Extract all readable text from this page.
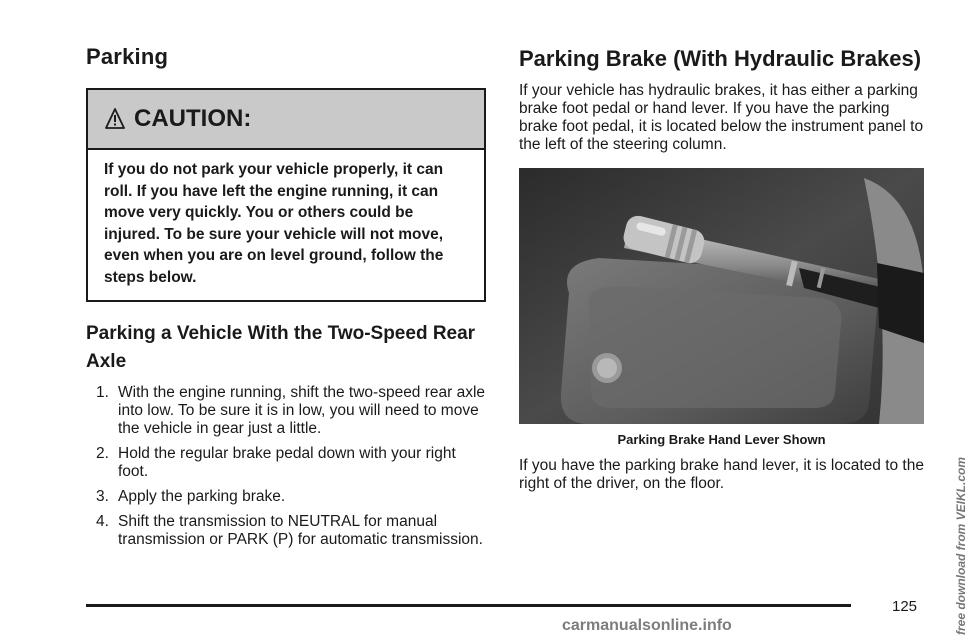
Parking
CAUTION:
If you do not park your vehicle properly, it can roll. If you have left the engine running, it can move very quickly. You or others could be injured. To be sure your vehicle will not move, even when you are on level ground, follow the steps below.
Parking a Vehicle With the Two-Speed Rear Axle
1. With the engine running, shift the two-speed rear axle into low. To be sure it is in low, you will need to move the vehicle in gear just a little.
2. Hold the regular brake pedal down with your right foot.
3. Apply the parking brake.
4. Shift the transmission to NEUTRAL for manual transmission or PARK (P) for automatic transmission.
Parking Brake (With Hydraulic Brakes)

If your vehicle has hydraulic brakes, it has either a parking brake foot pedal or hand lever. If you have the parking brake foot pedal, it is located below the instrument panel to the left of the steering column.

Parking Brake Hand Lever Shown

If you have the parking brake hand lever, it is located to the right of the driver, on the floor.

125	free download from VEIKL.com
carmanualsonline.info
